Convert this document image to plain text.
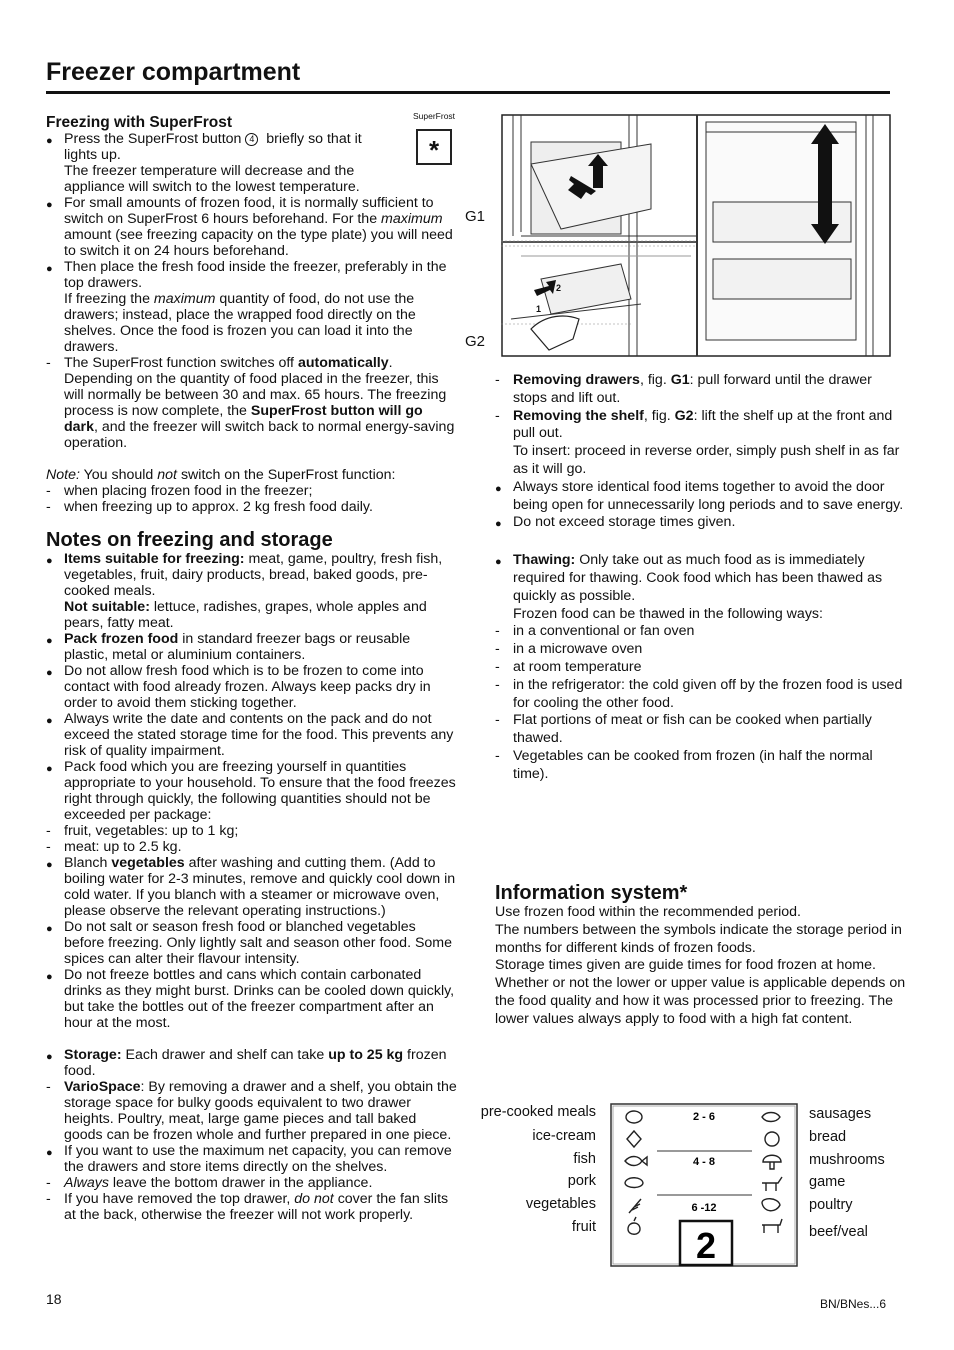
Freezer compartment
SuperFrost
*

Freezing with SuperFrost

●

Press the SuperFrost button 4 briefly so that it lights up.

The freezer temperature will decrease and the appliance will switch to the lowest temperature.

●

For small amounts of frozen food, it is normally sufficient to switch on SuperFrost 6 hours beforehand. For the maximum amount (see freezing capacity on the type plate) you will need to switch it on 24 hours beforehand.

●

Then place the fresh food inside the freezer, preferably in the top drawers.

If freezing the maximum quantity of food, do not use the drawers; instead, place the wrapped food directly on the shelves. Once the food is frozen you can load it into the drawers.

-

The SuperFrost function switches off automatically. Depending on the quantity of food placed in the freezer, this will normally be between 30 and max. 65 hours. The freezing process is now complete, the SuperFrost button will go dark, and the freezer will switch back to normal energy-saving operation.

Note: You should not switch on the SuperFrost function:

-

when placing frozen food in the freezer;

-

when freezing up to approx. 2 kg fresh food daily.

Notes on freezing and storage

●

Items suitable for freezing: meat, game, poultry, fresh fish, vegetables, fruit, dairy products, bread, baked goods, pre-cooked meals.

Not suitable: lettuce, radishes, grapes, whole apples and pears, fatty meat.

●

Pack frozen food in standard freezer bags or reusable plastic, metal or aluminium containers.

●

Do not allow fresh food which is to be frozen to come into contact with food already frozen. Always keep packs dry in order to avoid them sticking together.

●

Always write the date and contents on the pack and do not exceed the stated storage time for the food. This prevents any risk of quality impairment.

●

Pack food which you are freezing yourself in quantities appropriate to your household. To ensure that the food freezes right through quickly, the following quantities should not be exceeded per package:

-

fruit, vegetables: up to 1 kg;

-

meat: up to 2.5 kg.

●

Blanch vegetables after washing and cutting them. (Add to boiling water for 2-3 minutes, remove and quickly cool down in cold water. If you blanch with a steamer or microwave oven, please observe the relevant operating instructions.)

●

Do not salt or season fresh food or blanched vegetables before freezing. Only lightly salt and season other food. Some spices can alter their flavour intensity.

●

Do not freeze bottles and cans which contain carbonated drinks as they might burst. Drinks can be cooled down quickly, but take the bottles out of the freezer compartment after an hour at the most.

●

Storage: Each drawer and shelf can take up to 25 kg frozen food.

-

VarioSpace: By removing a drawer and a shelf, you obtain the storage space for bulky goods equivalent to two drawer heights. Poultry, meat, large game pieces and tall baked goods can be frozen whole and further prepared in one piece.

●

If you want to use the maximum net capacity, you can remove the drawers and store items directly on the shelves.

-

Always leave the bottom drawer in the appliance.

-

If you have removed the top drawer, do not cover the fan slits at the back, otherwise the freezer will not work properly.

G1
G2
2
1
-

Removing drawers, fig. G1: pull forward until the drawer stops and lift out.

-

Removing the shelf, fig. G2: lift the shelf up at the front and pull out.

To insert: proceed in reverse order, simply push shelf in as far as it will go.

●

Always store identical food items together to avoid the door being open for unnecessarily long periods and to save energy.

●

Do not exceed storage times given.

●

Thawing: Only take out as much food as is immediately required for thawing. Cook food which has been thawed as quickly as possible.

Frozen food can be thawed in the following ways:

-

in a conventional or fan oven

-

in a microwave oven

-

at room temperature

-

in the refrigerator: the cold given off by the frozen food is used for cooling the other food.

-

Flat portions of meat or fish can be cooked when partially thawed.

-

Vegetables can be cooked from frozen (in half the normal time).

Information system*

Use frozen food within the recommended period.

The numbers between the symbols indicate the storage period in months for different kinds of frozen foods.

Storage times given are guide times for food frozen at home. Whether or not the lower or upper value is applicable depends on the food quality and how it was processed prior to freezing. The lower values always apply to food with a high fat content.

pre-cooked meals
ice-cream
fish
pork
vegetables
fruit
sausages
bread
mushrooms
game
poultry
beef/veal
2 - 6
4 - 8
6 -12
2
18	BN/BNes...6
